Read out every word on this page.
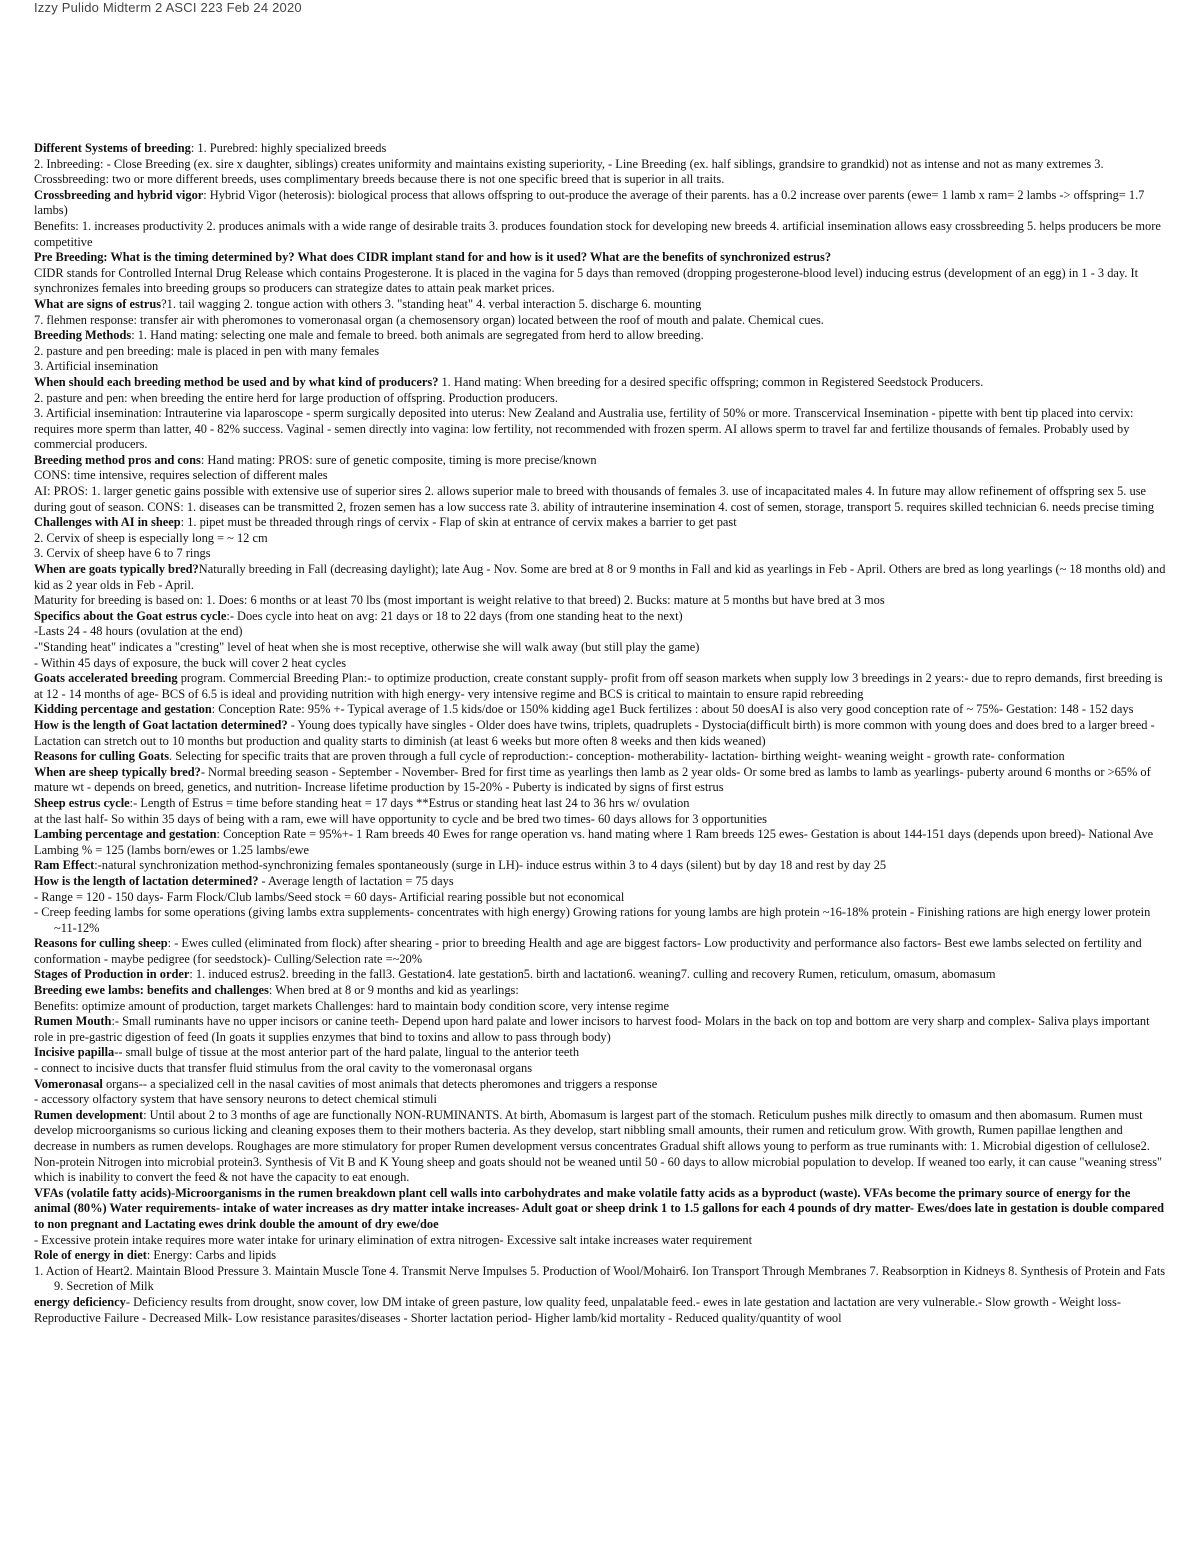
Izzy Pulido Midterm 2 ASCI 223 Feb 24 2020

Different Systems of breeding: 1. Purebred: highly specialized breeds

2. Inbreeding: - Close Breeding (ex. sire x daughter, siblings) creates uniformity and maintains existing superiority, - Line Breeding (ex. half siblings, grandsire to grandkid) not as intense and not as many extremes 3. Crossbreeding: two or more different breeds, uses complimentary breeds because there is not one specific breed that is superior in all traits.

Crossbreeding and hybrid vigor: Hybrid Vigor (heterosis): biological process that allows offspring to out-produce the average of their parents. has a 0.2 increase over parents (ewe= 1 lamb x ram= 2 lambs -> offspring= 1.7 lambs)

Benefits: 1. increases productivity 2. produces animals with a wide range of desirable traits 3. produces foundation stock for developing new breeds 4. artificial insemination allows easy crossbreeding 5. helps producers be more competitive

Pre Breeding: What is the timing determined by? What does CIDR implant stand for and how is it used? What are the benefits of synchronized estrus?

CIDR stands for Controlled Internal Drug Release which contains Progesterone. It is placed in the vagina for 5 days than removed (dropping progesterone-blood level) inducing estrus (development of an egg) in 1 - 3 day. It synchronizes females into breeding groups so producers can strategize dates to attain peak market prices.

What are signs of estrus?1. tail wagging 2. tongue action with others 3. "standing heat" 4. verbal interaction 5. discharge 6. mounting

7. flehmen response: transfer air with pheromones to vomeronasal organ (a chemosensory organ) located between the roof of mouth and palate. Chemical cues.

Breeding Methods: 1. Hand mating: selecting one male and female to breed. both animals are segregated from herd to allow breeding.

2. pasture and pen breeding: male is placed in pen with many females

3. Artificial insemination

When should each breeding method be used and by what kind of producers? 1. Hand mating: When breeding for a desired specific offspring; common in Registered Seedstock Producers.

2. pasture and pen: when breeding the entire herd for large production of offspring. Production producers.

3. Artificial insemination: Intrauterine via laparoscope - sperm surgically deposited into uterus: New Zealand and Australia use, fertility of 50% or more. Transcervical Insemination - pipette with bent tip placed into cervix: requires more sperm than latter, 40 - 82% success. Vaginal - semen directly into vagina: low fertility, not recommended with frozen sperm. AI allows sperm to travel far and fertilize thousands of females. Probably used by commercial producers.

Breeding method pros and cons: Hand mating: PROS: sure of genetic composite, timing is more precise/known

CONS: time intensive, requires selection of different males

AI: PROS: 1. larger genetic gains possible with extensive use of superior sires 2. allows superior male to breed with thousands of females 3. use of incapacitated males 4. In future may allow refinement of offspring sex 5. use during gout of season. CONS: 1. diseases can be transmitted 2, frozen semen has a low success rate 3. ability of intrauterine insemination 4. cost of semen, storage, transport 5. requires skilled technician 6. needs precise timing

Challenges with AI in sheep: 1. pipet must be threaded through rings of cervix - Flap of skin at entrance of cervix makes a barrier to get past

2. Cervix of sheep is especially long = ~ 12 cm

3. Cervix of sheep have 6 to 7 rings

When are goats typically bred?Naturally breeding in Fall (decreasing daylight); late Aug - Nov. Some are bred at 8 or 9 months in Fall and kid as yearlings in Feb - April. Others are bred as long yearlings (~ 18 months old) and kid as 2 year olds in Feb - April.

Maturity for breeding is based on: 1. Does: 6 months or at least 70 lbs (most important is weight relative to that breed) 2. Bucks: mature at 5 months but have bred at 3 mos

Specifics about the Goat estrus cycle:- Does cycle into heat on avg: 21 days or 18 to 22 days (from one standing heat to the next)

-Lasts 24 - 48 hours (ovulation at the end)

-"Standing heat" indicates a "cresting" level of heat when she is most receptive, otherwise she will walk away (but still play the game)

- Within 45 days of exposure, the buck will cover 2 heat cycles

Goats accelerated breeding program. Commercial Breeding Plan:- to optimize production, create constant supply- profit from off season markets when supply low 3 breedings in 2 years:- due to repro demands, first breeding is at 12 - 14 months of age- BCS of 6.5 is ideal and providing nutrition with high energy- very intensive regime and BCS is critical to maintain to ensure rapid rebreeding

Kidding percentage and gestation: Conception Rate: 95% +- Typical average of 1.5 kids/doe or 150% kidding age1 Buck fertilizes : about 50 doesAI is also very good conception rate of ~ 75%- Gestation: 148 - 152 days

How is the length of Goat lactation determined? - Young does typically have singles - Older does have twins, triplets, quadruplets - Dystocia(difficult birth) is more common with young does and does bred to a larger breed - Lactation can stretch out to 10 months but production and quality starts to diminish (at least 6 weeks but more often 8 weeks and then kids weaned)

Reasons for culling Goats. Selecting for specific traits that are proven through a full cycle of reproduction:- conception- motherability- lactation- birthing weight- weaning weight - growth rate- conformation

When are sheep typically bred?- Normal breeding season - September - November- Bred for first time as yearlings then lamb as 2 year olds- Or some bred as lambs to lamb as yearlings- puberty around 6 months or >65% of mature wt - depends on breed, genetics, and nutrition- Increase lifetime production by 15-20% - Puberty is indicated by signs of first estrus

Sheep estrus cycle:- Length of Estrus = time before standing heat = 17 days **Estrus or standing heat last 24 to 36 hrs w/ ovulation

at the last half- So within 35 days of being with a ram, ewe will have opportunity to cycle and be bred two times- 60 days allows for 3 opportunities

Lambing percentage and gestation: Conception Rate = 95%+- 1 Ram breeds 40 Ewes for range operation vs. hand mating where 1 Ram breeds 125 ewes- Gestation is about 144-151 days (depends upon breed)- National Ave Lambing % = 125 (lambs born/ewes or 1.25 lambs/ewe

Ram Effect:-natural synchronization method-synchronizing females spontaneously (surge in LH)- induce estrus within 3 to 4 days (silent) but by day 18 and rest by day 25

How is the length of lactation determined? - Average length of lactation = 75 days

- Range = 120 - 150 days- Farm Flock/Club lambs/Seed stock = 60 days- Artificial rearing possible but not economical

- Creep feeding lambs for some operations (giving lambs extra supplements- concentrates with high energy) Growing rations for young lambs are high protein ~16-18% protein - Finishing rations are high energy lower protein ~11-12%

Reasons for culling sheep: - Ewes culled (eliminated from flock) after shearing - prior to breeding Health and age are biggest factors- Low productivity and performance also factors- Best ewe lambs selected on fertility and conformation - maybe pedigree (for seedstock)- Culling/Selection rate =~20%

Stages of Production in order: 1. induced estrus2. breeding in the fall3. Gestation4. late gestation5. birth and lactation6. weaning7. culling and recovery Rumen, reticulum, omasum, abomasum

Breeding ewe lambs: benefits and challenges: When bred at 8 or 9 months and kid as yearlings:

Benefits: optimize amount of production, target markets Challenges: hard to maintain body condition score, very intense regime

Rumen Mouth:- Small ruminants have no upper incisors or canine teeth- Depend upon hard palate and lower incisors to harvest food- Molars in the back on top and bottom are very sharp and complex- Saliva plays important role in pre-gastric digestion of feed (In goats it supplies enzymes that bind to toxins and allow to pass through body)

Incisive papilla-- small bulge of tissue at the most anterior part of the hard palate, lingual to the anterior teeth

- connect to incisive ducts that transfer fluid stimulus from the oral cavity to the vomeronasal organs

Vomeronasal organs-- a specialized cell in the nasal cavities of most animals that detects pheromones and triggers a response

- accessory olfactory system that have sensory neurons to detect chemical stimuli

Rumen development: Until about 2 to 3 months of age are functionally NON-RUMINANTS. At birth, Abomasum is largest part of the stomach. Reticulum pushes milk directly to omasum and then abomasum. Rumen must develop microorganisms so curious licking and cleaning exposes them to their mothers bacteria. As they develop, start nibbling small amounts, their rumen and reticulum grow. With growth, Rumen papillae lengthen and decrease in numbers as rumen develops. Roughages are more stimulatory for proper Rumen development versus concentrates Gradual shift allows young to perform as true ruminants with: 1. Microbial digestion of cellulose2. Non-protein Nitrogen into microbial protein3. Synthesis of Vit B and K Young sheep and goats should not be weaned until 50 - 60 days to allow microbial population to develop. If weaned too early, it can cause "weaning stress" which is inability to convert the feed & not have the capacity to eat enough.

VFAs (volatile fatty acids)-Microorganisms in the rumen breakdown plant cell walls into carbohydrates and make volatile fatty acids as a byproduct (waste). VFAs become the primary source of energy for the animal (80%) Water requirements- intake of water increases as dry matter intake increases- Adult goat or sheep drink 1 to 1.5 gallons for each 4 pounds of dry matter- Ewes/does late in gestation is double compared to non pregnant and Lactating ewes drink double the amount of dry ewe/doe

- Excessive protein intake requires more water intake for urinary elimination of extra nitrogen- Excessive salt intake increases water requirement

Role of energy in diet: Energy: Carbs and lipids

1. Action of Heart2. Maintain Blood Pressure 3. Maintain Muscle Tone 4. Transmit Nerve Impulses 5. Production of Wool/Mohair6. Ion Transport Through Membranes 7. Reabsorption in Kidneys 8. Synthesis of Protein and Fats 9. Secretion of Milk

energy deficiency- Deficiency results from drought, snow cover, low DM intake of green pasture, low quality feed, unpalatable feed.- ewes in late gestation and lactation are very vulnerable.- Slow growth - Weight loss- Reproductive Failure - Decreased Milk- Low resistance parasites/diseases - Shorter lactation period- Higher lamb/kid mortality - Reduced quality/quantity of wool
